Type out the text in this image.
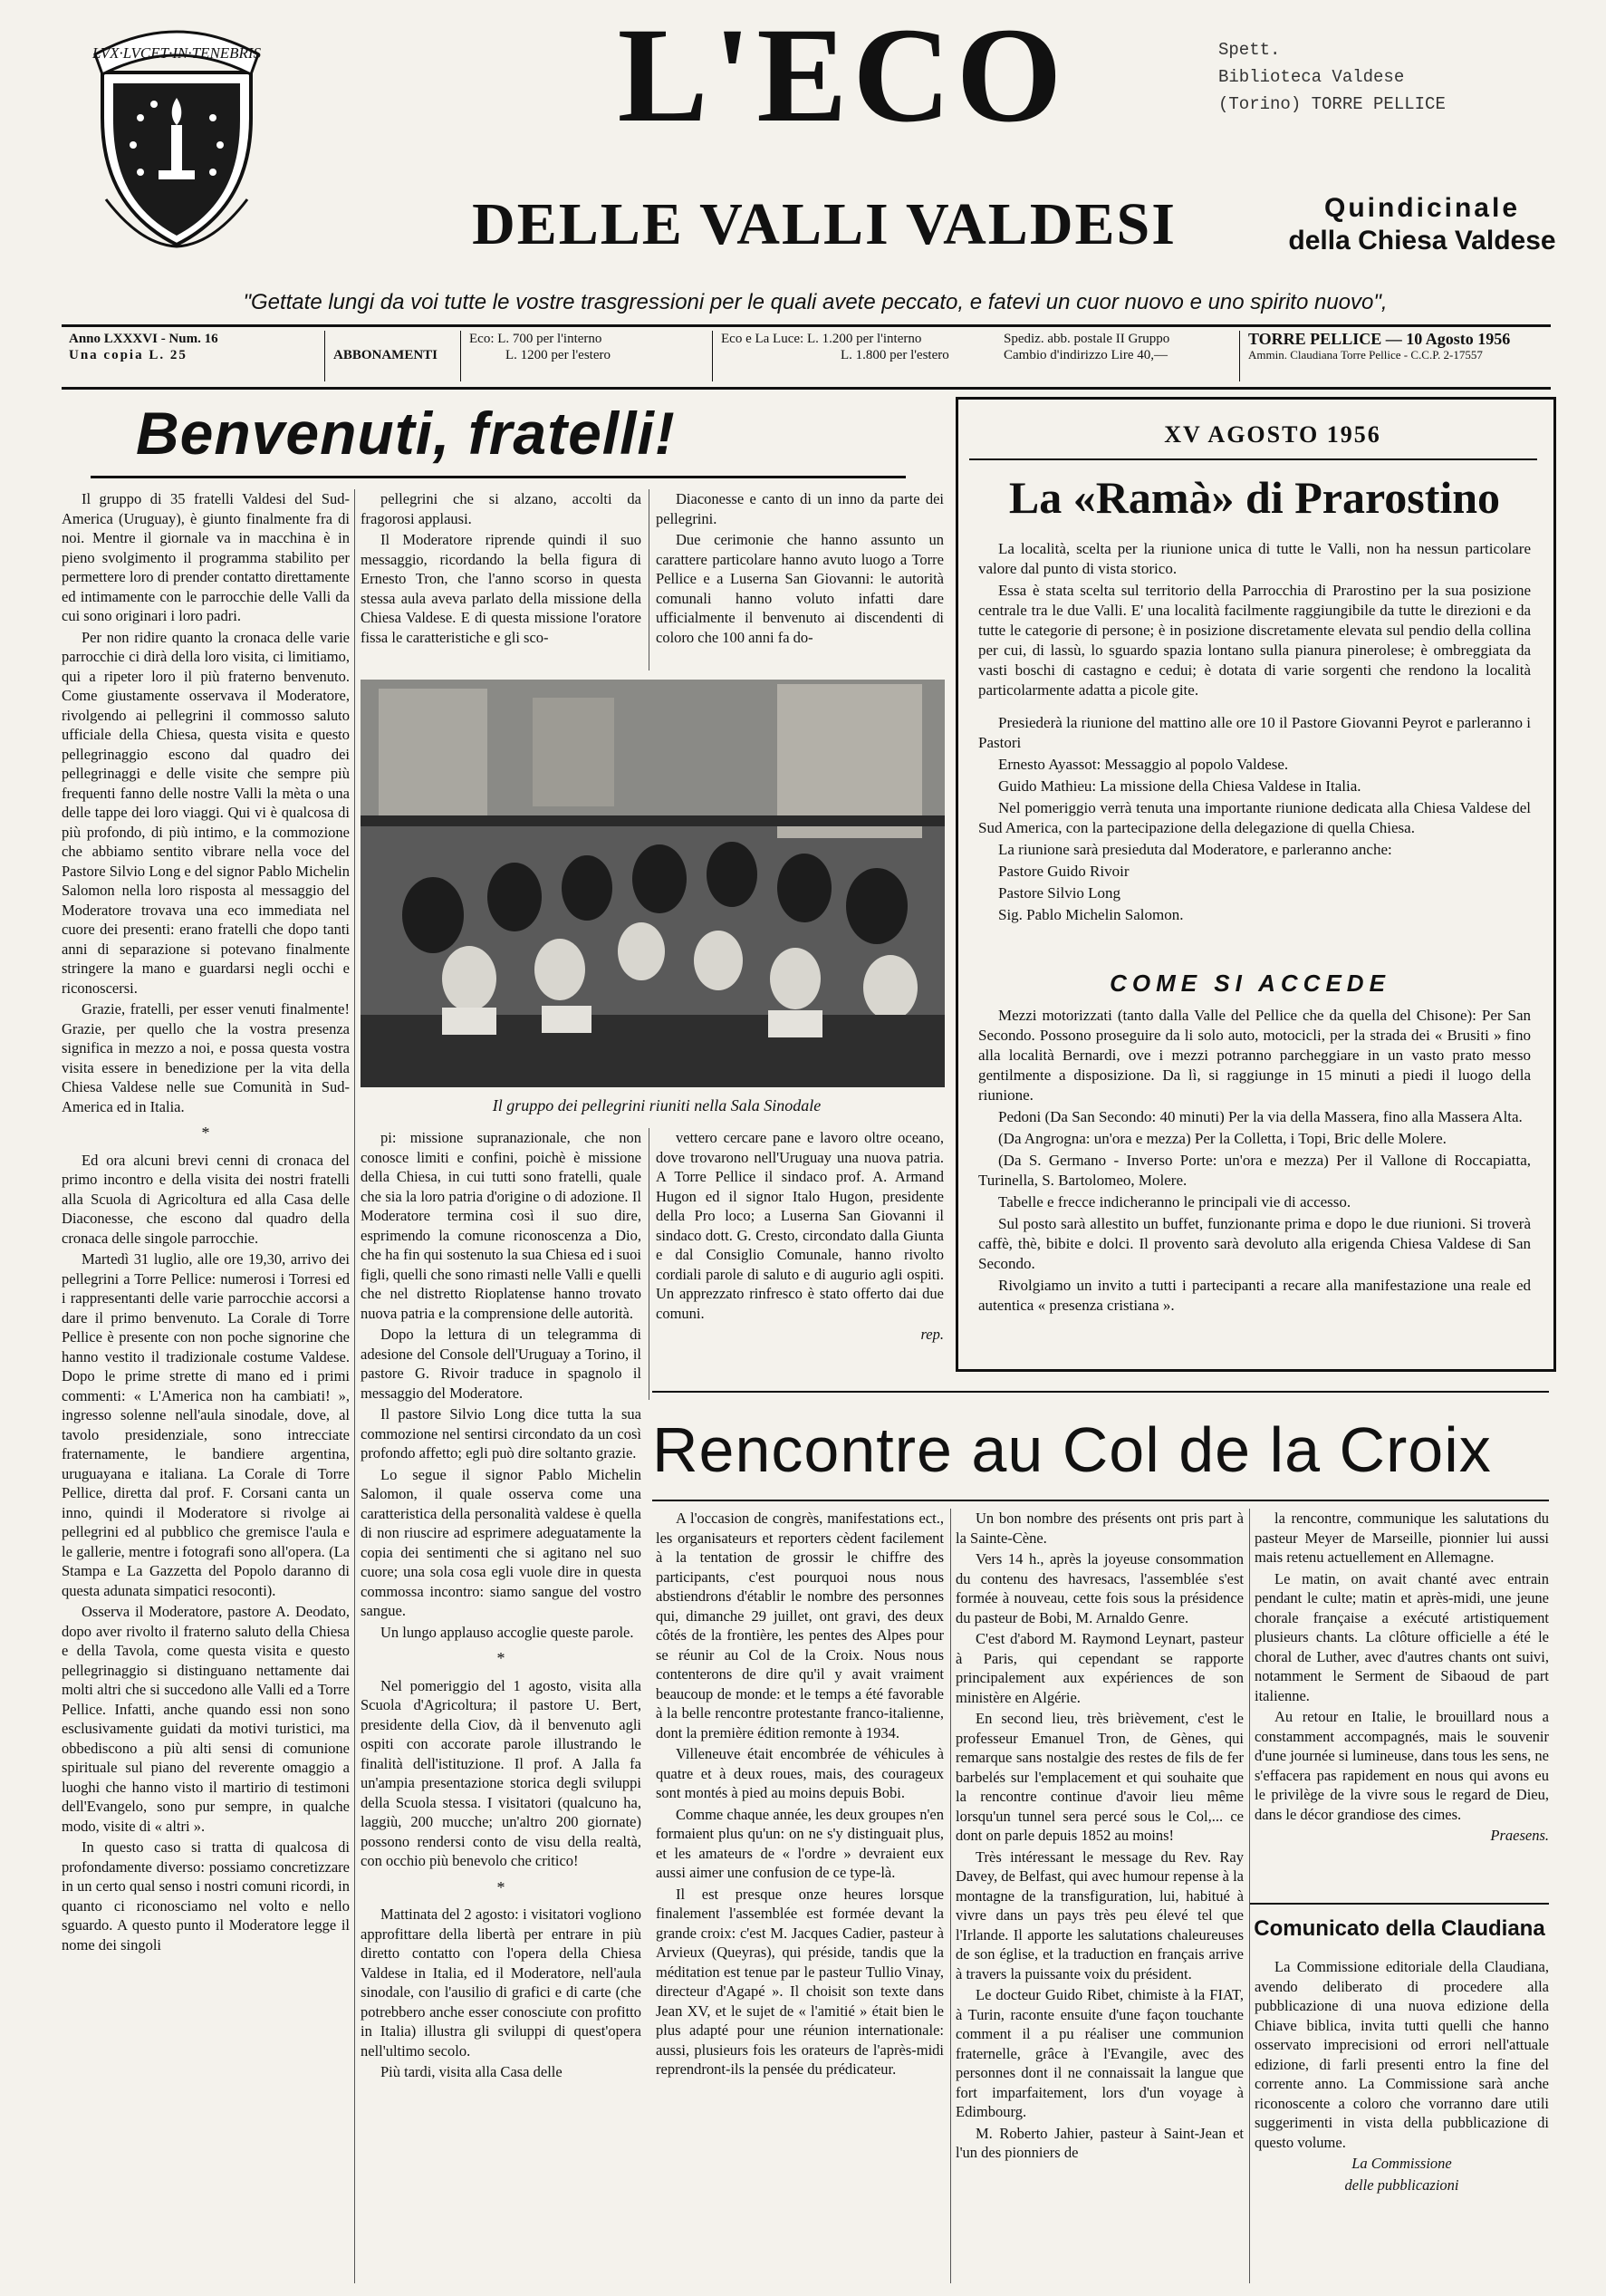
LVX·LVCET·IN·TENEBRIS	L'ECO
DELLE VALLI VALDESI
Spett.
Biblioteca Valdese
(Torino) TORRE PELLICE
Quindicinale
della Chiesa Valdese
"Gettate lungi da voi tutte le vostre trasgressioni per le quali avete peccato, e fatevi un cuor nuovo e uno spirito nuovo",
Anno LXXXVI - Num. 16
Una copia L. 25	ABBONAMENTI
Eco: L. 700 per l'interno
L. 1200 per l'estero
Eco e La Luce: L. 1.200 per l'interno
L. 1.800 per l'estero
Spediz. abb. postale II Gruppo
Cambio d'indirizzo Lire 40,—
TORRE PELLICE — 10 Agosto 1956
Ammin. Claudiana Torre Pellice - C.C.P. 2-17557
Benvenuti, fratelli!

Il gruppo di 35 fratelli Valdesi del Sud-America (Uruguay), è giunto finalmente fra di noi. Mentre il giornale va in macchina è in pieno svolgimento il programma stabilito per permettere loro di prender contatto direttamente ed intimamente con le parrocchie delle Valli da cui sono originari i loro padri.

Per non ridire quanto la cronaca delle varie parrocchie ci dirà della loro visita, ci limitiamo, qui a ripeter loro il più fraterno benvenuto. Come giustamente osservava il Moderatore, rivolgendo ai pellegrini il commosso saluto ufficiale della Chiesa, questa visita e questo pellegrinaggio escono dal quadro dei pellegrinaggi e delle visite che sempre più frequenti fanno delle nostre Valli la mèta o una delle tappe dei loro viaggi. Qui vi è qualcosa di più profondo, di più intimo, e la commozione che abbiamo sentito vibrare nella voce del Pastore Silvio Long e del signor Pablo Michelin Salomon nella loro risposta al messaggio del Moderatore trovava una eco immediata nel cuore dei presenti: erano fratelli che dopo tanti anni di separazione si potevano finalmente stringere la mano e guardarsi negli occhi e riconoscersi.

Grazie, fratelli, per esser venuti finalmente! Grazie, per quello che la vostra presenza significa in mezzo a noi, e possa questa vostra visita essere in benedizione per la vita della Chiesa Valdese nelle sue Comunità in Sud-America ed in Italia.

*

Ed ora alcuni brevi cenni di cronaca del primo incontro e della visita dei nostri fratelli alla Scuola di Agricoltura ed alla Casa delle Diaconesse, che escono dal quadro della cronaca delle singole parrocchie.

Martedì 31 luglio, alle ore 19,30, arrivo dei pellegrini a Torre Pellice: numerosi i Torresi ed i rappresentanti delle varie parrocchie accorsi a dare il primo benvenuto. La Corale di Torre Pellice è presente con non poche signorine che hanno vestito il tradizionale costume Valdese. Dopo le prime strette di mano ed i primi commenti: « L'America non ha cambiati! », ingresso solenne nell'aula sinodale, dove, al tavolo presidenziale, sono intrecciate fraternamente, le bandiere argentina, uruguayana e italiana. La Corale di Torre Pellice, diretta dal prof. F. Corsani canta un inno, quindi il Moderatore si rivolge ai pellegrini ed al pubblico che gremisce l'aula e le gallerie, mentre i fotografi sono all'opera. (La Stampa e La Gazzetta del Popolo daranno di questa adunata simpatici resoconti).

Osserva il Moderatore, pastore A. Deodato, dopo aver rivolto il fraterno saluto della Chiesa e della Tavola, come questa visita e questo pellegrinaggio si distinguano nettamente dai molti altri che si succedono alle Valli ed a Torre Pellice. Infatti, anche quando essi non sono esclusivamente guidati da motivi turistici, ma obbediscono a più alti sensi di comunione spirituale sul piano del reverente omaggio a luoghi che hanno visto il martirio di testimoni dell'Evangelo, sono pur sempre, in qualche modo, visite di « altri ».

In questo caso si tratta di qualcosa di profondamente diverso: possiamo concretizzare in un certo qual senso i nostri comuni ricordi, in quanto ci riconosciamo nel volto e nello sguardo. A questo punto il Moderatore legge il nome dei singoli

pellegrini che si alzano, accolti da fragorosi applausi.

Il Moderatore riprende quindi il suo messaggio, ricordando la bella figura di Ernesto Tron, che l'anno scorso in questa stessa aula aveva parlato della missione della Chiesa Valdese. E di questa missione l'oratore fissa le caratteristiche e gli sco-

Diaconesse e canto di un inno da parte dei pellegrini.

Due cerimonie che hanno assunto un carattere particolare hanno avuto luogo a Torre Pellice e a Luserna San Giovanni: le autorità comunali hanno voluto infatti dare ufficialmente il benvenuto ai discendenti di coloro che 100 anni fa do-

Il gruppo dei pellegrini riuniti nella Sala Sinodale

pi: missione supranazionale, che non conosce limiti e confini, poichè è missione della Chiesa, in cui tutti sono fratelli, quale che sia la loro patria d'origine o di adozione. Il Moderatore termina così il suo dire, esprimendo la comune riconoscenza a Dio, che ha fin qui sostenuto la sua Chiesa ed i suoi figli, quelli che sono rimasti nelle Valli e quelli che nel distretto Rioplatense hanno trovato nuova patria e la comprensione delle autorità.

Dopo la lettura di un telegramma di adesione del Console dell'Uruguay a Torino, il pastore G. Rivoir traduce in spagnolo il messaggio del Moderatore.

Il pastore Silvio Long dice tutta la sua commozione nel sentirsi circondato da un così profondo affetto; egli può dire soltanto grazie.

Lo segue il signor Pablo Michelin Salomon, il quale osserva come una caratteristica della personalità valdese è quella di non riuscire ad esprimere adeguatamente la copia dei sentimenti che si agitano nel suo cuore; una sola cosa egli vuole dire in questa commossa incontro: siamo sangue del vostro sangue.

Un lungo applauso accoglie queste parole.

*

Nel pomeriggio del 1 agosto, visita alla Scuola d'Agricoltura; il pastore U. Bert, presidente della Ciov, dà il benvenuto agli ospiti con accorate parole illustrando le finalità dell'istituzione. Il prof. A Jalla fa un'ampia presentazione storica degli sviluppi della Scuola stessa. I visitatori (qualcuno ha, laggiù, 200 mucche; un'altro 200 giornate) possono rendersi conto de visu della realtà, con occhio più benevolo che critico!

*

Mattinata del 2 agosto: i visitatori vogliono approfittare della libertà per entrare in più diretto contatto con l'opera della Chiesa Valdese in Italia, ed il Moderatore, nell'aula sinodale, con l'ausilio di grafici e di carte (che potrebbero anche esser conosciute con profitto in Italia) illustra gli sviluppi di quest'opera nell'ultimo secolo.

Più tardi, visita alla Casa delle

vettero cercare pane e lavoro oltre oceano, dove trovarono nell'Uruguay una nuova patria. A Torre Pellice il sindaco prof. A. Armand Hugon ed il signor Italo Hugon, presidente della Pro loco; a Luserna San Giovanni il sindaco dott. G. Cresto, circondato dalla Giunta e dal Consiglio Comunale, hanno rivolto cordiali parole di saluto e di augurio agli ospiti. Un apprezzato rinfresco è stato offerto dai due comuni.

rep.

XV AGOSTO 1956
La «Ramà» di Prarostino

La località, scelta per la riunione unica di tutte le Valli, non ha nessun particolare valore dal punto di vista storico.

Essa è stata scelta sul territorio della Parrocchia di Prarostino per la sua posizione centrale tra le due Valli. E' una località facilmente raggiungibile da tutte le direzioni e da tutte le categorie di persone; è in posizione discretamente elevata sul pendio della collina per cui, di lassù, lo sguardo spazia lontano sulla pianura pinerolese; è ombreggiata da vasti boschi di castagno e cedui; è dotata di varie sorgenti che rendono la località particolarmente adatta a picole gite.

Presiederà la riunione del mattino alle ore 10 il Pastore Giovanni Peyrot e parleranno i Pastori

Ernesto Ayassot: Messaggio al popolo Valdese.

Guido Mathieu: La missione della Chiesa Valdese in Italia.

Nel pomeriggio verrà tenuta una importante riunione dedicata alla Chiesa Valdese del Sud America, con la partecipazione della delegazione di quella Chiesa.

La riunione sarà presieduta dal Moderatore, e parleranno anche:

Pastore Guido Rivoir

Pastore Silvio Long

Sig. Pablo Michelin Salomon.

COME SI ACCEDE

Mezzi motorizzati (tanto dalla Valle del Pellice che da quella del Chisone): Per San Secondo. Possono proseguire da li solo auto, motocicli, per la strada dei « Brusiti » fino alla località Bernardi, ove i mezzi potranno parcheggiare in un vasto prato messo gentilmente a disposizione. Da lì, si raggiunge in 15 minuti a piedi il luogo della riunione.

Pedoni (Da San Secondo: 40 minuti) Per la via della Massera, fino alla Massera Alta.

(Da Angrogna: un'ora e mezza) Per la Colletta, i Topi, Bric delle Molere.

(Da S. Germano - Inverso Porte: un'ora e mezza) Per il Vallone di Roccapiatta, Turinella, S. Bartolomeo, Molere.

Tabelle e frecce indicheranno le principali vie di accesso.

Sul posto sarà allestito un buffet, funzionante prima e dopo le due riunioni. Si troverà caffè, thè, bibite e dolci. Il provento sarà devoluto alla erigenda Chiesa Valdese di San Secondo.

Rivolgiamo un invito a tutti i partecipanti a recare alla manifestazione una reale ed autentica « presenza cristiana ».

Rencontre au Col de la Croix

A l'occasion de congrès, manifestations ect., les organisateurs et reporters cèdent facilement à la tentation de grossir le chiffre des participants, c'est pourquoi nous nous abstiendrons d'établir le nombre des personnes qui, dimanche 29 juillet, ont gravi, des deux côtés de la frontière, les pentes des Alpes pour se réunir au Col de la Croix. Nous nous contenterons de dire qu'il y avait vraiment beaucoup de monde: et le temps a été favorable à la belle rencontre protestante franco-italienne, dont la première édition remonte à 1934.

Villeneuve était encombrée de véhicules à quatre et à deux roues, mais, des courageux sont montés à pied au moins depuis Bobi.

Comme chaque année, les deux groupes n'en formaient plus qu'un: on ne s'y distinguait plus, et les amateurs de « l'ordre » devraient eux aussi aimer une confusion de ce type-là.

Il est presque onze heures lorsque finalement l'assemblée est formée devant la grande croix: c'est M. Jacques Cadier, pasteur à Arvieux (Queyras), qui préside, tandis que la méditation est tenue par le pasteur Tullio Vinay, directeur d'Agapé ». Il choisit son texte dans Jean XV, et le sujet de « l'amitié » était bien le plus adapté pour une réunion internationale: aussi, plusieurs fois les orateurs de l'après-midi reprendront-ils la pensée du prédicateur.

Un bon nombre des présents ont pris part à la Sainte-Cène.

Vers 14 h., après la joyeuse consommation du contenu des havresacs, l'assemblée s'est formée à nouveau, cette fois sous la présidence du pasteur de Bobi, M. Arnaldo Genre.

C'est d'abord M. Raymond Leynart, pasteur à Paris, qui cependant se rapporte principalement aux expériences de son ministère en Algérie.

En second lieu, très brièvement, c'est le professeur Emanuel Tron, de Gènes, qui remarque sans nostalgie des restes de fils de fer barbelés sur l'emplacement et qui souhaite que la rencontre continue d'avoir lieu même lorsqu'un tunnel sera percé sous le Col,... ce dont on parle depuis 1852 au moins!

Très intéressant le message du Rev. Ray Davey, de Belfast, qui avec humour repense à la montagne de la transfiguration, lui, habitué à vivre dans un pays très peu élevé tel que l'Irlande. Il apporte les salutations chaleureuses de son église, et la traduction en français arrive à travers la puissante voix du président.

Le docteur Guido Ribet, chimiste à la FIAT, à Turin, raconte ensuite d'une façon touchante comment il a pu réaliser une communion fraternelle, grâce à l'Evangile, avec des personnes dont il ne connaissait la langue que fort imparfaitement, lors d'un voyage à Edimbourg.

M. Roberto Jahier, pasteur à Saint-Jean et l'un des pionniers de

la rencontre, communique les salutations du pasteur Meyer de Marseille, pionnier lui aussi mais retenu actuellement en Allemagne.

Le matin, on avait chanté avec entrain pendant le culte; matin et après-midi, une jeune chorale française a exécuté artistiquement plusieurs chants. La clôture officielle a été le choral de Luther, avec d'autres chants ont suivi, notamment le Serment de Sibaoud de part italienne.

Au retour en Italie, le brouillard nous a constamment accompagnés, mais le souvenir d'une journée si lumineuse, dans tous les sens, ne s'effacera pas rapidement en nous qui avons eu le privilège de la vivre sous le regard de Dieu, dans le décor grandiose des cimes.

Praesens.

Comunicato della Claudiana

La Commissione editoriale della Claudiana, avendo deliberato di procedere alla pubblicazione di una nuova edizione della Chiave biblica, invita tutti quelli che hanno osservato imprecisioni od errori nell'attuale edizione, di farli presenti entro la fine del corrente anno. La Commissione sarà anche riconoscente a coloro che vorranno dare utili suggerimenti in vista della pubblicazione di questo volume.

La Commissione

delle pubblicazioni
